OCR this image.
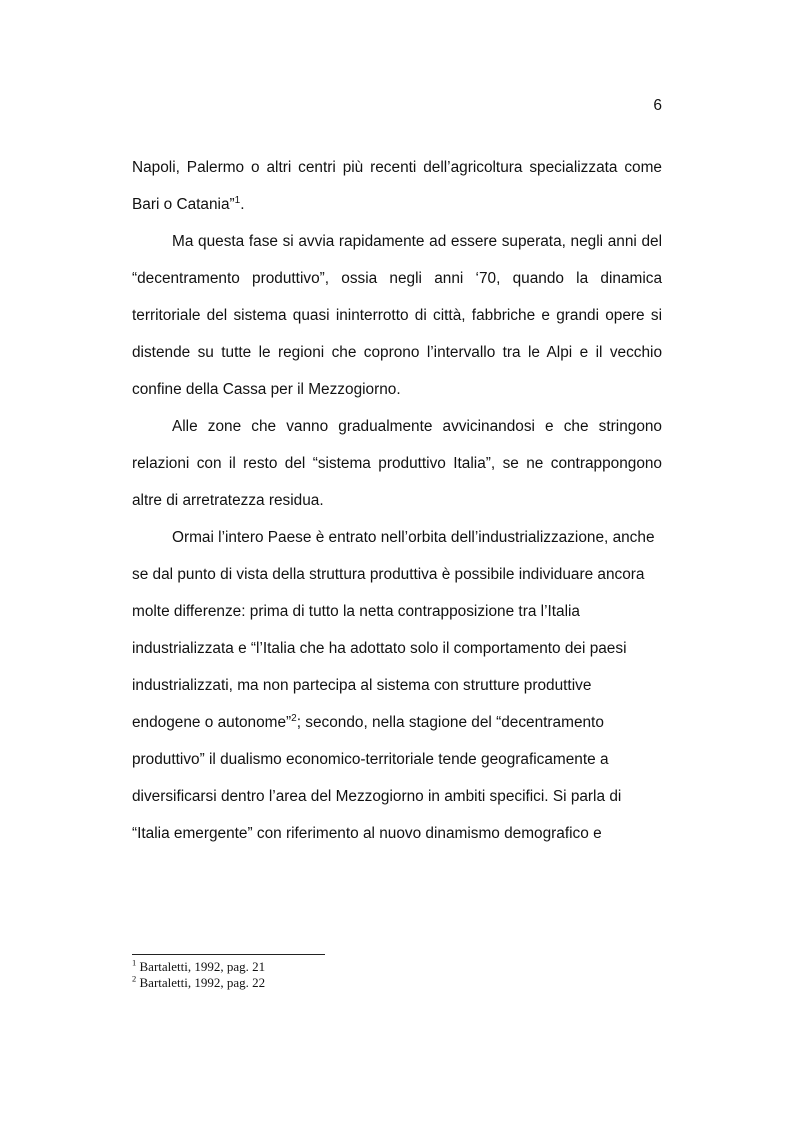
6

Napoli, Palermo o altri centri più recenti dell’agricoltura specializzata come Bari o Catania”$^1$.

Ma questa fase si avvia rapidamente ad essere superata, negli anni del “decentramento produttivo”, ossia negli anni ‘70, quando la dinamica territoriale del sistema quasi ininterrotto di città, fabbriche e grandi opere si distende su tutte le regioni che coprono l’intervallo tra le Alpi e il vecchio confine della Cassa per il Mezzogiorno.

Alle zone che vanno gradualmente avvicinandosi e che stringono relazioni con il resto del “sistema produttivo Italia”, se ne contrappongono altre di arretratezza residua.

Ormai l’intero Paese è entrato nell’orbita dell’industrializzazione, anche se dal punto di vista della struttura produttiva è possibile individuare ancora molte differenze: prima di tutto la netta contrapposizione tra l’Italia industrializzata e “l’Italia che ha adottato solo il comportamento dei paesi industrializzati, ma non partecipa al sistema con strutture produttive endogene o autonome”$^2$; secondo, nella stagione del “decentramento produttivo” il dualismo economico-territoriale tende geograficamente a diversificarsi dentro l’area del Mezzogiorno in ambiti specifici. Si parla di “Italia emergente” con riferimento al nuovo dinamismo demografico e

$^1$ Bartaletti, 1992, pag. 21
$^2$ Bartaletti, 1992, pag. 22
